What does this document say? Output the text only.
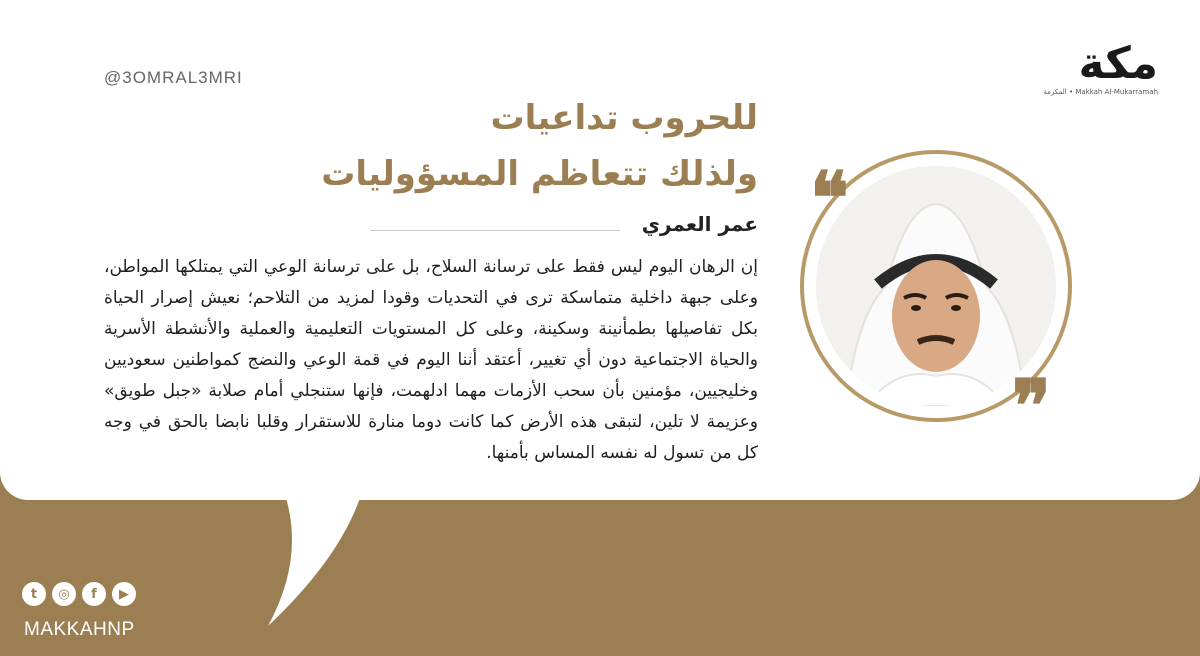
مكة
Makkah Al-Mukarramah • المكرمة
@3OMRAL3MRI
للحروب تداعيات
ولذلك تتعاظم المسؤوليات
عمر العمري
إن الرهان اليوم ليس فقط على ترسانة السلاح، بل على ترسانة الوعي التي يمتلكها المواطن، وعلى جبهة داخلية متماسكة ترى في التحديات وقودا لمزيد من التلاحم؛ نعيش إصرار الحياة بكل تفاصيلها بطمأنينة وسكينة، وعلى كل المستويات التعليمية والعملية والأنشطة الأسرية والحياة الاجتماعية دون أي تغيير، أعتقد أننا اليوم في قمة الوعي والنضج كمواطنين سعوديين وخليجيين، مؤمنين بأن سحب الأزمات مهما ادلهمت، فإنها ستنجلي أمام صلابة «جبل طويق» وعزيمة لا تلين، لتبقى هذه الأرض كما كانت دوما منارة للاستقرار وقلبا نابضا بالحق في وجه كل من تسول له نفسه المساس بأمنها.
❝
❞
t	◎	f	▶
MAKKAHNP
